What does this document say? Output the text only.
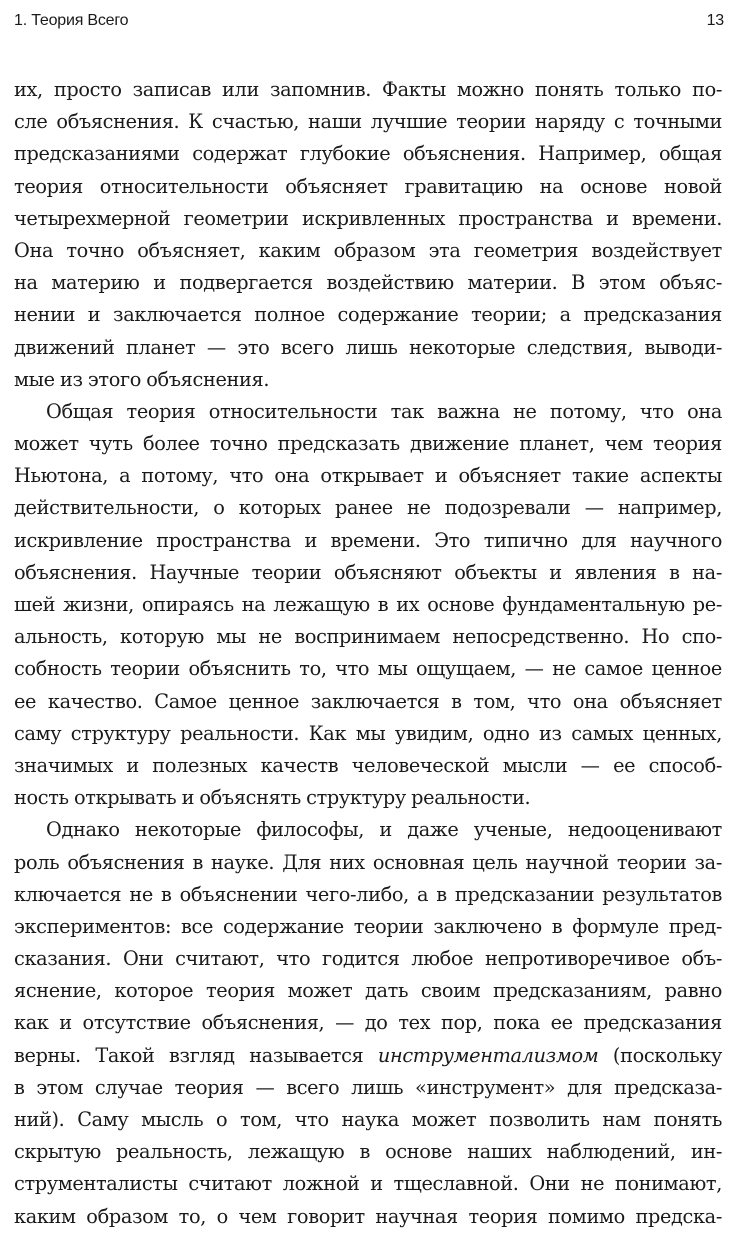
1. Теория Всего	13
их, просто записав или запомнив. Факты можно понять только по-
сле объяснения. К счастью, наши лучшие теории наряду с точными
предсказаниями содержат глубокие объяснения. Например, общая
теория относительности объясняет гравитацию на основе новой
четырехмерной геометрии искривленных пространства и времени.
Она точно объясняет, каким образом эта геометрия воздействует
на материю и подвергается воздействию материи. В этом объяс-
нении и заключается полное содержание теории; а предсказания
движений планет — это всего лишь некоторые следствия, выводи-
мые из этого объяснения.
Общая теория относительности так важна не потому, что она
может чуть более точно предсказать движение планет, чем теория
Ньютона, а потому, что она открывает и объясняет такие аспекты
действительности, о которых ранее не подозревали — например,
искривление пространства и времени. Это типично для научного
объяснения. Научные теории объясняют объекты и явления в на-
шей жизни, опираясь на лежащую в их основе фундаментальную ре-
альность, которую мы не воспринимаем непосредственно. Но спо-
собность теории объяснить то, что мы ощущаем, — не самое ценное
ее качество. Самое ценное заключается в том, что она объясняет
саму структуру реальности. Как мы увидим, одно из самых ценных,
значимых и полезных качеств человеческой мысли — ее способ-
ность открывать и объяснять структуру реальности.
Однако некоторые философы, и даже ученые, недооценивают
роль объяснения в науке. Для них основная цель научной теории за-
ключается не в объяснении чего-либо, а в предсказании результатов
экспериментов: все содержание теории заключено в формуле пред-
сказания. Они считают, что годится любое непротиворечивое объ-
яснение, которое теория может дать своим предсказаниям, равно
как и отсутствие объяснения, — до тех пор, пока ее предсказания
верны. Такой взгляд называется инструментализмом (поскольку
в этом случае теория — всего лишь «инструмент» для предсказа-
ний). Саму мысль о том, что наука может позволить нам понять
скрытую реальность, лежащую в основе наших наблюдений, ин-
струменталисты считают ложной и тщеславной. Они не понимают,
каким образом то, о чем говорит научная теория помимо предска-
